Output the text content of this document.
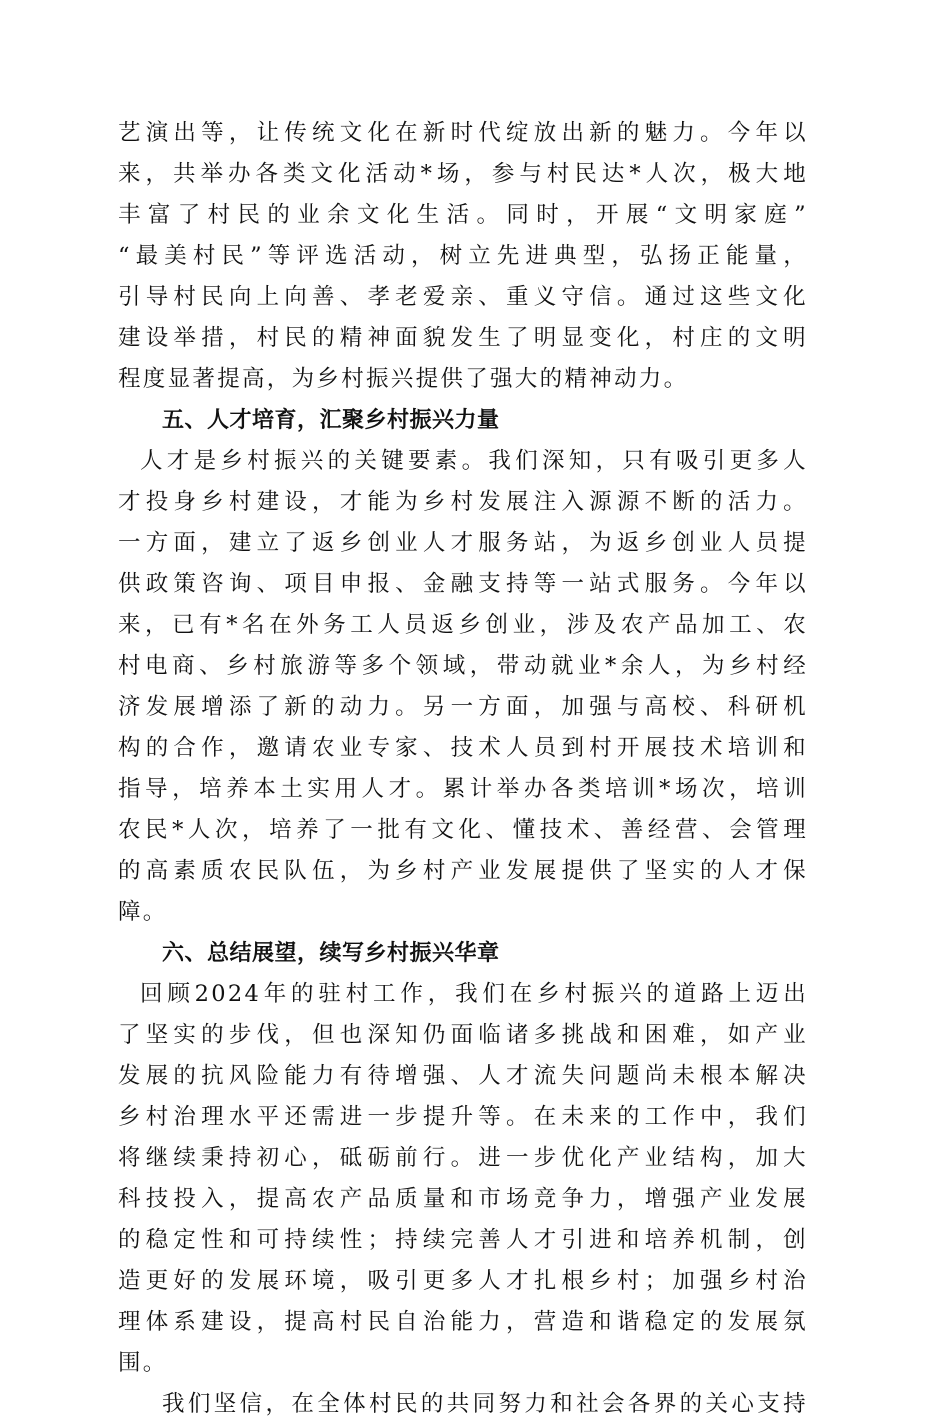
艺演出等，让传统文化在新时代绽放出新的魅力。今年以
来，共举办各类文化活动*场，参与村民达*人次，极大地
丰富了村民的业余文化生活。同时，开展“文明家庭”
“最美村民”等评选活动，树立先进典型，弘扬正能量，
引导村民向上向善、孝老爱亲、重义守信。通过这些文化
建设举措，村民的精神面貌发生了明显变化，村庄的文明
程度显著提高，为乡村振兴提供了强大的精神动力。
五、人才培育，汇聚乡村振兴力量
人才是乡村振兴的关键要素。我们深知，只有吸引更多人
才投身乡村建设，才能为乡村发展注入源源不断的活力。
一方面，建立了返乡创业人才服务站，为返乡创业人员提
供政策咨询、项目申报、金融支持等一站式服务。今年以
来，已有*名在外务工人员返乡创业，涉及农产品加工、农
村电商、乡村旅游等多个领域，带动就业*余人，为乡村经
济发展增添了新的动力。另一方面，加强与高校、科研机
构的合作，邀请农业专家、技术人员到村开展技术培训和
指导，培养本土实用人才。累计举办各类培训*场次，培训
农民*人次，培养了一批有文化、懂技术、善经营、会管理
的高素质农民队伍，为乡村产业发展提供了坚实的人才保
障。
六、总结展望，续写乡村振兴华章
回顾2024年的驻村工作，我们在乡村振兴的道路上迈出
了坚实的步伐，但也深知仍面临诸多挑战和困难，如产业
发展的抗风险能力有待增强、人才流失问题尚未根本解决
乡村治理水平还需进一步提升等。在未来的工作中，我们
将继续秉持初心，砥砺前行。进一步优化产业结构，加大
科技投入，提高农产品质量和市场竞争力，增强产业发展
的稳定性和可持续性；持续完善人才引进和培养机制，创
造更好的发展环境，吸引更多人才扎根乡村；加强乡村治
理体系建设，提高村民自治能力，营造和谐稳定的发展氛
围。
我们坚信，在全体村民的共同努力和社会各界的关心支持
